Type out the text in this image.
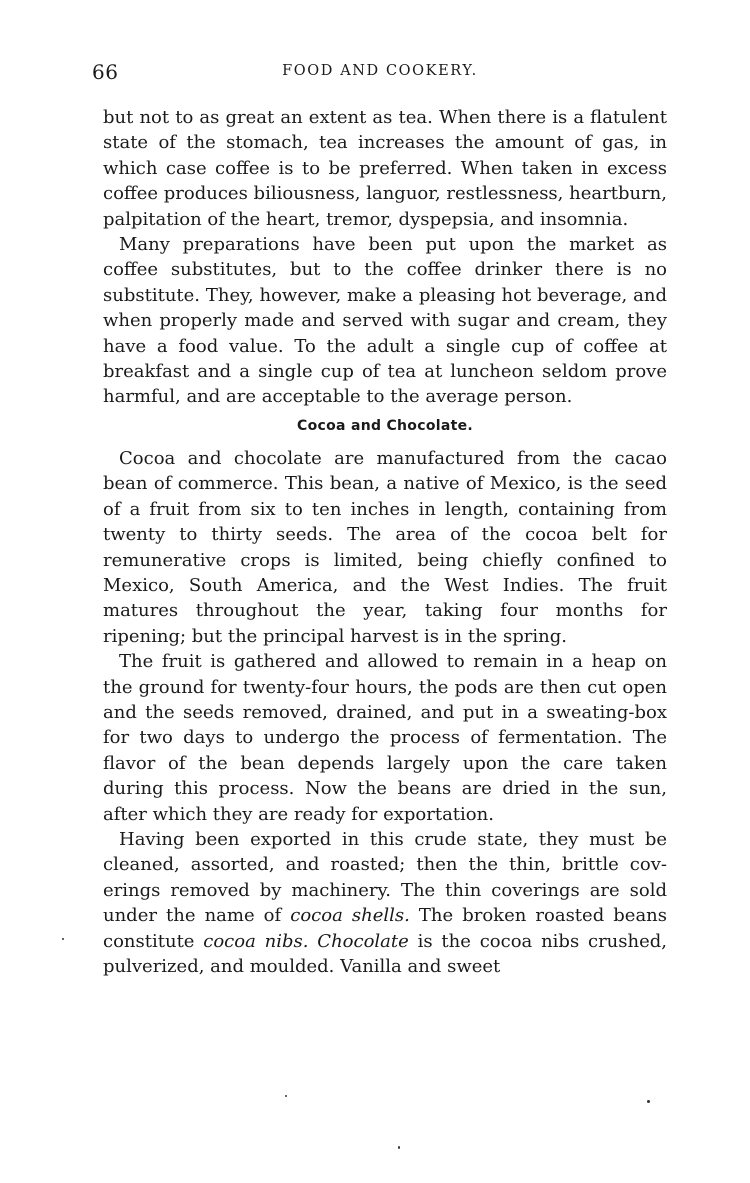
66	FOOD AND COOKERY.

but not to as great an extent as tea. When there is a flatulent state of the stomach, tea increases the amount of gas, in which case coffee is to be preferred. When taken in excess coffee produces biliousness, languor, restlessness, heartburn, palpitation of the heart, tremor, dyspepsia, and insomnia.

Many preparations have been put upon the market as coffee substitutes, but to the coffee drinker there is no substitute. They, however, make a pleasing hot beverage, and when properly made and served with sugar and cream, they have a food value. To the adult a single cup of coffee at breakfast and a single cup of tea at luncheon seldom prove harmful, and are acceptable to the average person.

Cocoa and Chocolate.

Cocoa and chocolate are manufactured from the cacao bean of commerce. This bean, a native of Mexico, is the seed of a fruit from six to ten inches in length, containing from twenty to thirty seeds. The area of the cocoa belt for remunerative crops is limited, being chiefly confined to Mexico, South America, and the West Indies. The fruit matures throughout the year, taking four months for ripening; but the principal harvest is in the spring.

The fruit is gathered and allowed to remain in a heap on the ground for twenty-four hours, the pods are then cut open and the seeds removed, drained, and put in a sweating-box for two days to undergo the process of fermentation. The flavor of the bean depends largely upon the care taken during this process. Now the beans are dried in the sun, after which they are ready for exportation.

Having been exported in this crude state, they must be cleaned, assorted, and roasted; then the thin, brittle coverings removed by machinery. The thin coverings are sold under the name of cocoa shells. The broken roasted beans constitute cocoa nibs. Chocolate is the cocoa nibs crushed, pulverized, and moulded. Vanilla and sweet
